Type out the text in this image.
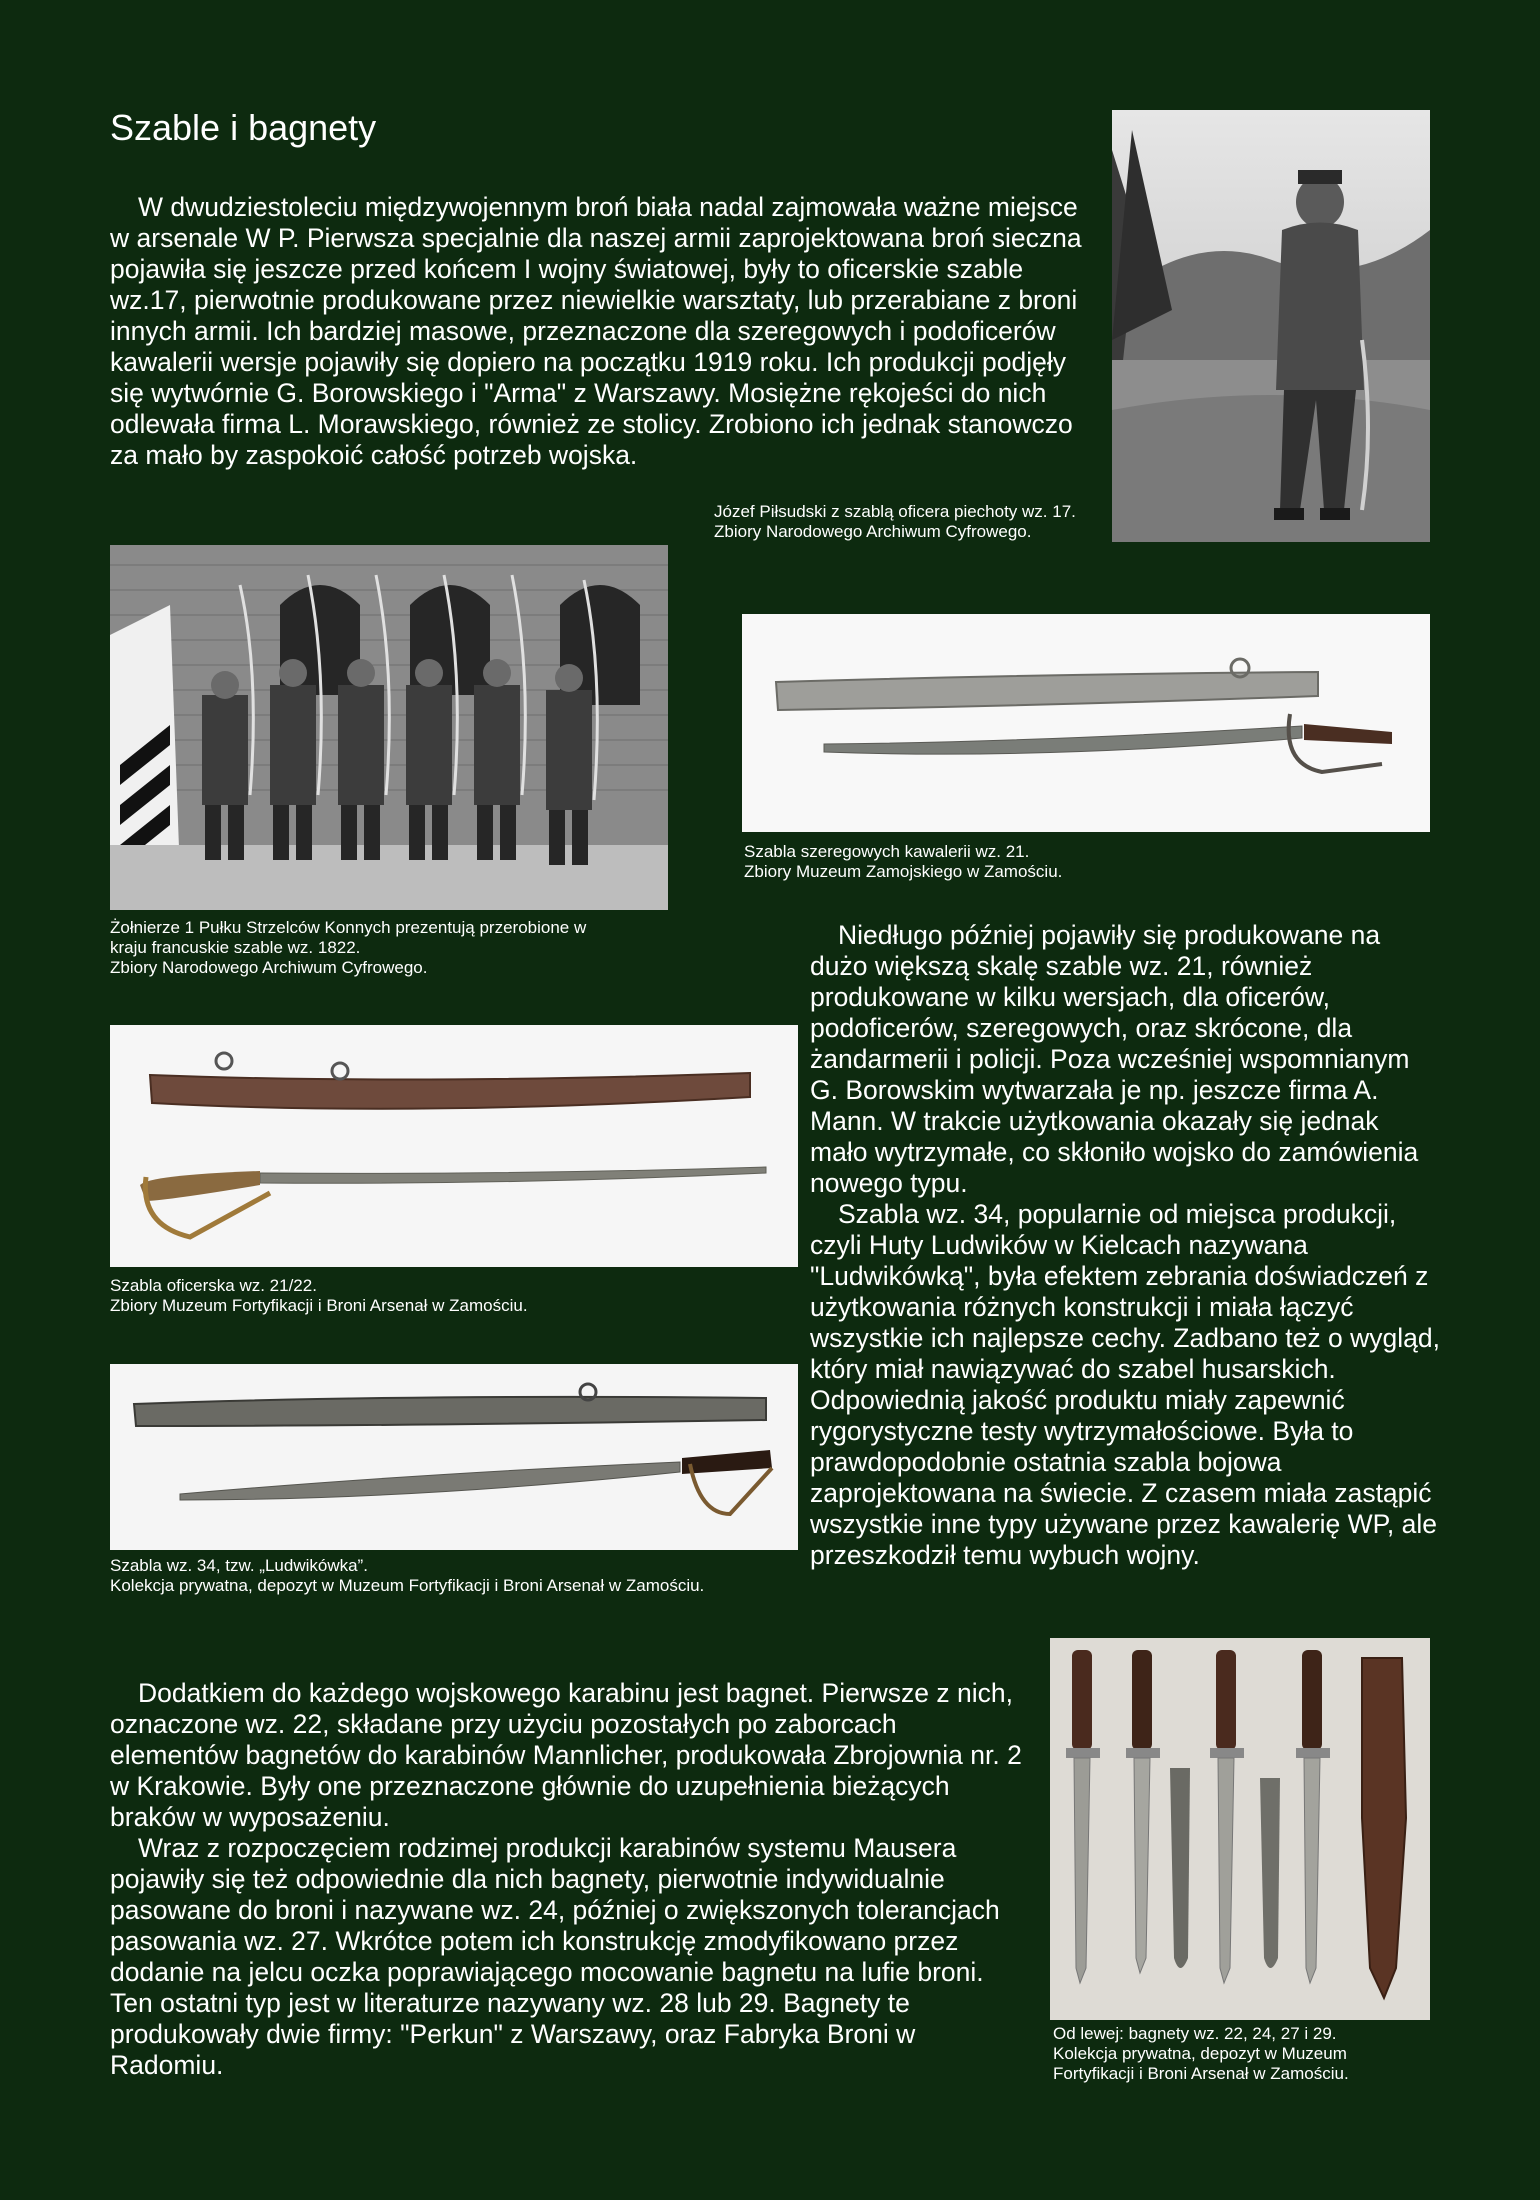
Szable i bagnety

W dwudziestoleciu międzywojennym broń biała nadal zajmowała ważne miejsce w arsenale W P. Pierwsza specjalnie dla naszej armii zaprojektowana broń sieczna pojawiła się jeszcze przed końcem I wojny światowej, były to oficerskie szable wz.17, pierwotnie produkowane przez niewielkie warsztaty, lub przerabiane z broni innych armii. Ich bardziej masowe, przeznaczone dla szeregowych i podoficerów kawalerii wersje pojawiły się dopiero na początku 1919 roku. Ich produkcji podjęły się wytwórnie G. Borowskiego i "Arma" z Warszawy. Mosiężne rękojeści do nich odlewała firma L. Morawskiego, również ze stolicy. Zrobiono ich jednak stanowczo za mało by zaspokoić całość potrzeb wojska.

Józef Piłsudski z szablą oficera piechoty wz. 17.
Zbiory Narodowego Archiwum Cyfrowego.
Żołnierze 1 Pułku Strzelców Konnych prezentują przerobione w
kraju francuskie szable wz. 1822.
Zbiory Narodowego Archiwum Cyfrowego.
Szabla szeregowych kawalerii wz. 21.
Zbiory Muzeum Zamojskiego w Zamościu.

Niedługo później pojawiły się produkowane na dużo większą skalę szable wz. 21, również produkowane w kilku wersjach, dla oficerów, podoficerów, szeregowych, oraz skrócone, dla żandarmerii i policji. Poza wcześniej wspomnianym G. Borowskim wytwarzała je np. jeszcze firma A. Mann. W trakcie użytkowania okazały się jednak mało wytrzymałe, co skłoniło wojsko do zamówienia nowego typu.

Szabla wz. 34, popularnie od miejsca produkcji, czyli Huty Ludwików w Kielcach nazywana "Ludwikówką", była efektem zebrania doświadczeń z użytkowania różnych konstrukcji i miała łączyć wszystkie ich najlepsze cechy. Zadbano też o wygląd, który miał nawiązywać do szabel husarskich. Odpowiednią jakość produktu miały zapewnić rygorystyczne testy wytrzymałościowe. Była to prawdopodobnie ostatnia szabla bojowa zaprojektowana na świecie. Z czasem miała zastąpić wszystkie inne typy używane przez kawalerię WP, ale przeszkodził temu wybuch wojny.

Szabla oficerska wz. 21/22.
Zbiory Muzeum Fortyfikacji i Broni Arsenał w Zamościu.
Szabla wz. 34, tzw. „Ludwikówka”.
Kolekcja prywatna, depozyt w Muzeum Fortyfikacji i Broni Arsenał w Zamościu.

Dodatkiem do każdego wojskowego karabinu jest bagnet. Pierwsze z nich, oznaczone wz. 22, składane przy użyciu pozostałych po zaborcach elementów bagnetów do karabinów Mannlicher, produkowała Zbrojownia nr. 2 w Krakowie. Były one przeznaczone głównie do uzupełnienia bieżących braków w wyposażeniu.

Wraz z rozpoczęciem rodzimej produkcji karabinów systemu Mausera pojawiły się też odpowiednie dla nich bagnety, pierwotnie indywidualnie pasowane do broni i nazywane wz. 24, później o zwiększonych tolerancjach pasowania wz. 27. Wkrótce potem ich konstrukcję zmodyfikowano przez dodanie na jelcu oczka poprawiającego mocowanie bagnetu na lufie broni. Ten ostatni typ jest w literaturze nazywany wz. 28 lub 29. Bagnety te produkowały dwie firmy: "Perkun" z Warszawy, oraz Fabryka Broni w Radomiu.

Od lewej: bagnety wz. 22, 24, 27 i 29.
Kolekcja prywatna, depozyt w Muzeum
Fortyfikacji i Broni Arsenał w Zamościu.
